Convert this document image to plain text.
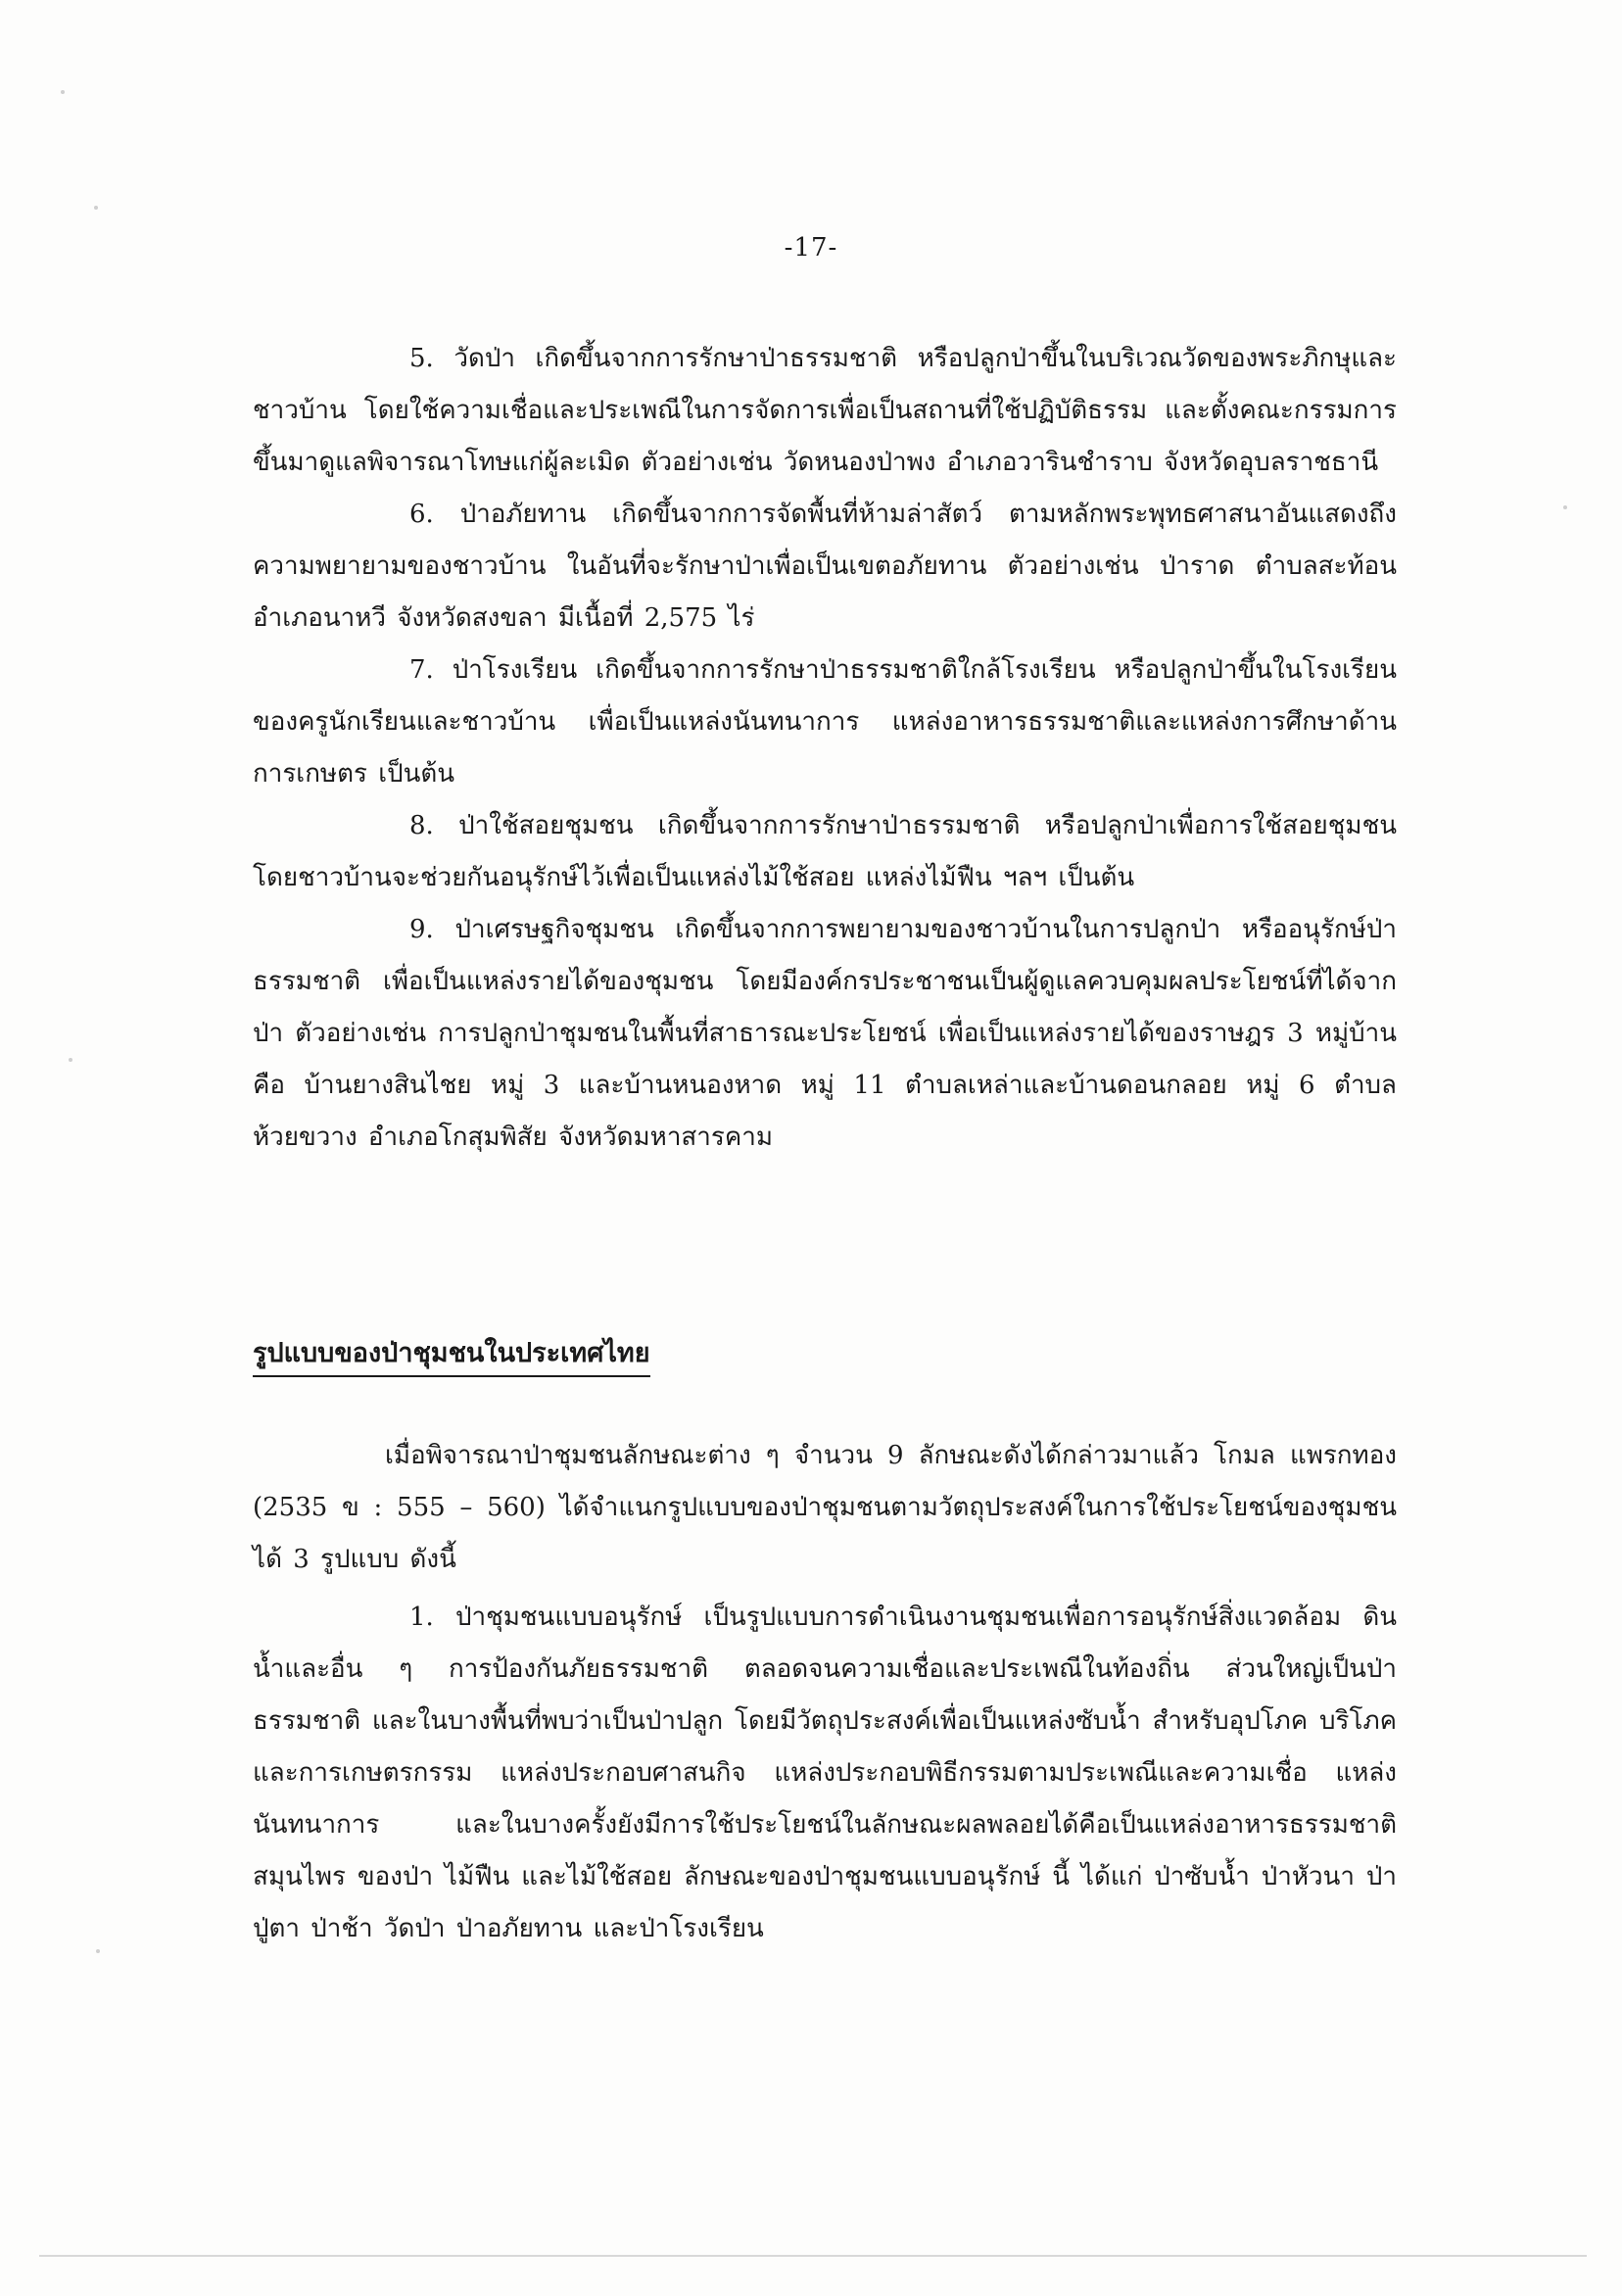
-17-

5. วัดป่า เกิดขึ้นจากการรักษาป่าธรรมชาติ หรือปลูกป่าขึ้นในบริเวณวัดของพระภิกษุและชาวบ้าน โดยใช้ความเชื่อและประเพณีในการจัดการเพื่อเป็นสถานที่ใช้ปฏิบัติธรรม และตั้งคณะกรรมการขึ้นมาดูแลพิจารณาโทษแก่ผู้ละเมิด ตัวอย่างเช่น วัดหนองป่าพง อำเภอวารินชำราบ จังหวัดอุบลราชธานี

6. ป่าอภัยทาน เกิดขึ้นจากการจัดพื้นที่ห้ามล่าสัตว์ ตามหลักพระพุทธศาสนาอันแสดงถึงความพยายามของชาวบ้าน ในอันที่จะรักษาป่าเพื่อเป็นเขตอภัยทาน ตัวอย่างเช่น ป่าราด ตำบลสะท้อน อำเภอนาหวี จังหวัดสงขลา มีเนื้อที่ 2,575 ไร่

7. ป่าโรงเรียน เกิดขึ้นจากการรักษาป่าธรรมชาติใกล้โรงเรียน หรือปลูกป่าขึ้นในโรงเรียน ของครูนักเรียนและชาวบ้าน เพื่อเป็นแหล่งนันทนาการ แหล่งอาหารธรรมชาติและแหล่งการศึกษาด้านการเกษตร เป็นต้น

8. ป่าใช้สอยชุมชน เกิดขึ้นจากการรักษาป่าธรรมชาติ หรือปลูกป่าเพื่อการใช้สอยชุมชน โดยชาวบ้านจะช่วยกันอนุรักษ์ไว้เพื่อเป็นแหล่งไม้ใช้สอย แหล่งไม้ฟืน ฯลฯ เป็นต้น

9. ป่าเศรษฐกิจชุมชน เกิดขึ้นจากการพยายามของชาวบ้านในการปลูกป่า หรืออนุรักษ์ป่าธรรมชาติ เพื่อเป็นแหล่งรายได้ของชุมชน โดยมีองค์กรประชาชนเป็นผู้ดูแลควบคุมผลประโยชน์ที่ได้จากป่า ตัวอย่างเช่น การปลูกป่าชุมชนในพื้นที่สาธารณะประโยชน์ เพื่อเป็นแหล่งรายได้ของราษฎร 3 หมู่บ้านคือ บ้านยางสินไชย หมู่ 3 และบ้านหนองหาด หมู่ 11 ตำบลเหล่าและบ้านดอนกลอย หมู่ 6 ตำบลห้วยขวาง อำเภอโกสุมพิสัย จังหวัดมหาสารคาม

รูปแบบของป่าชุมชนในประเทศไทย

เมื่อพิจารณาป่าชุมชนลักษณะต่าง ๆ จำนวน 9 ลักษณะดังได้กล่าวมาแล้ว โกมล แพรกทอง (2535 ข : 555 – 560) ได้จำแนกรูปแบบของป่าชุมชนตามวัตถุประสงค์ในการใช้ประโยชน์ของชุมชนได้ 3 รูปแบบ ดังนี้

1. ป่าชุมชนแบบอนุรักษ์ เป็นรูปแบบการดำเนินงานชุมชนเพื่อการอนุรักษ์สิ่งแวดล้อม ดิน น้ำและอื่น ๆ การป้องกันภัยธรรมชาติ ตลอดจนความเชื่อและประเพณีในท้องถิ่น ส่วนใหญ่เป็นป่าธรรมชาติ และในบางพื้นที่พบว่าเป็นป่าปลูก โดยมีวัตถุประสงค์เพื่อเป็นแหล่งซับน้ำ สำหรับอุปโภค บริโภคและการเกษตรกรรม แหล่งประกอบศาสนกิจ แหล่งประกอบพิธีกรรมตามประเพณีและความเชื่อ แหล่งนันทนาการ และในบางครั้งยังมีการใช้ประโยชน์ในลักษณะผลพลอยได้คือเป็นแหล่งอาหารธรรมชาติ สมุนไพร ของป่า ไม้ฟืน และไม้ใช้สอย ลักษณะของป่าชุมชนแบบอนุรักษ์ นี้ ได้แก่ ป่าซับน้ำ ป่าหัวนา ป่าปู่ตา ป่าช้า วัดป่า ป่าอภัยทาน และป่าโรงเรียน
